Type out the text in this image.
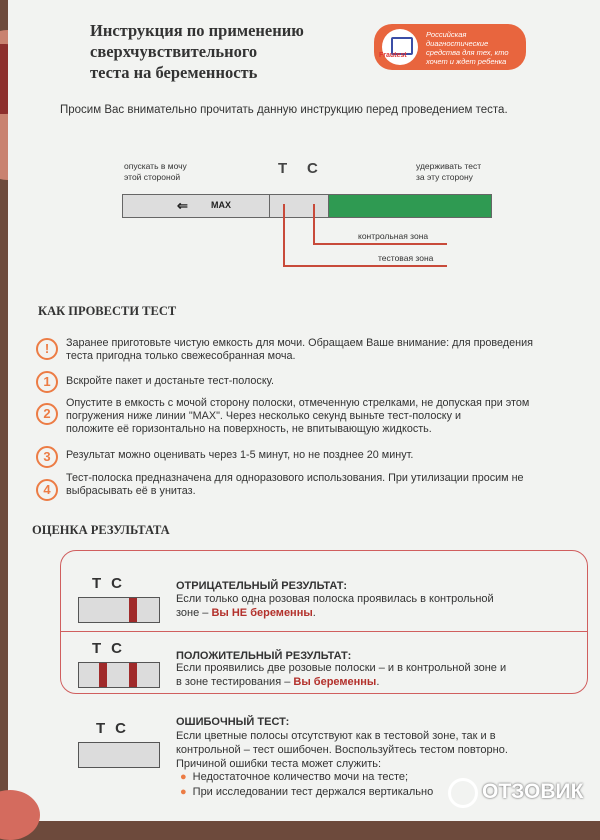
Инструкция по применению
сверхчувствительного
теста на беременность
Frautest
Российская диагностические средства для тех, кто хочет и ждет ребенка
Просим Вас внимательно прочитать данную инструкцию перед проведением теста.
опускать в мочу
этой стороной
удерживать тест
за эту сторону
T C
⇐	MAX
контрольная зона
тестовая зона
КАК ПРОВЕСТИ ТЕСТ
!	Заранее приготовьте чистую емкость для мочи. Обращаем Ваше внимание: для проведения
теста пригодна только свежесобранная моча.
1	Вскройте пакет и достаньте тест-полоску.
2
Опустите в емкость с мочой сторону полоски, отмеченную стрелками, не допуская при этом
погружения ниже линии "MAX". Через несколько секунд выньте тест-полоску и
положите её горизонтально на поверхность, не впитывающую жидкость.
3	Результат можно оценивать через 1-5 минут, но не позднее 20 минут.
4
Тест-полоска предназначена для одноразового использования. При утилизации просим не
выбрасывать её в унитаз.
ОЦЕНКА РЕЗУЛЬТАТА
TC	ОТРИЦАТЕЛЬНЫЙ РЕЗУЛЬТАТ:
Если только одна розовая полоска проявилась в контрольной
зоне – Вы НЕ беременны.
TC	ПОЛОЖИТЕЛЬНЫЙ РЕЗУЛЬТАТ:
Если проявились две розовые полоски – и в контрольной зоне и
в зоне тестирования – Вы беременны.
TC	ОШИБОЧНЫЙ ТЕСТ:
Если цветные полосы отсутствуют как в тестовой зоне, так и в
контрольной – тест ошибочен. Воспользуйтесь тестом повторно.
Причиной ошибки теста может служить:
● Недостаточное количество мочи на тесте;
● При исследовании тест держался вертикально ОТЗОВИК
